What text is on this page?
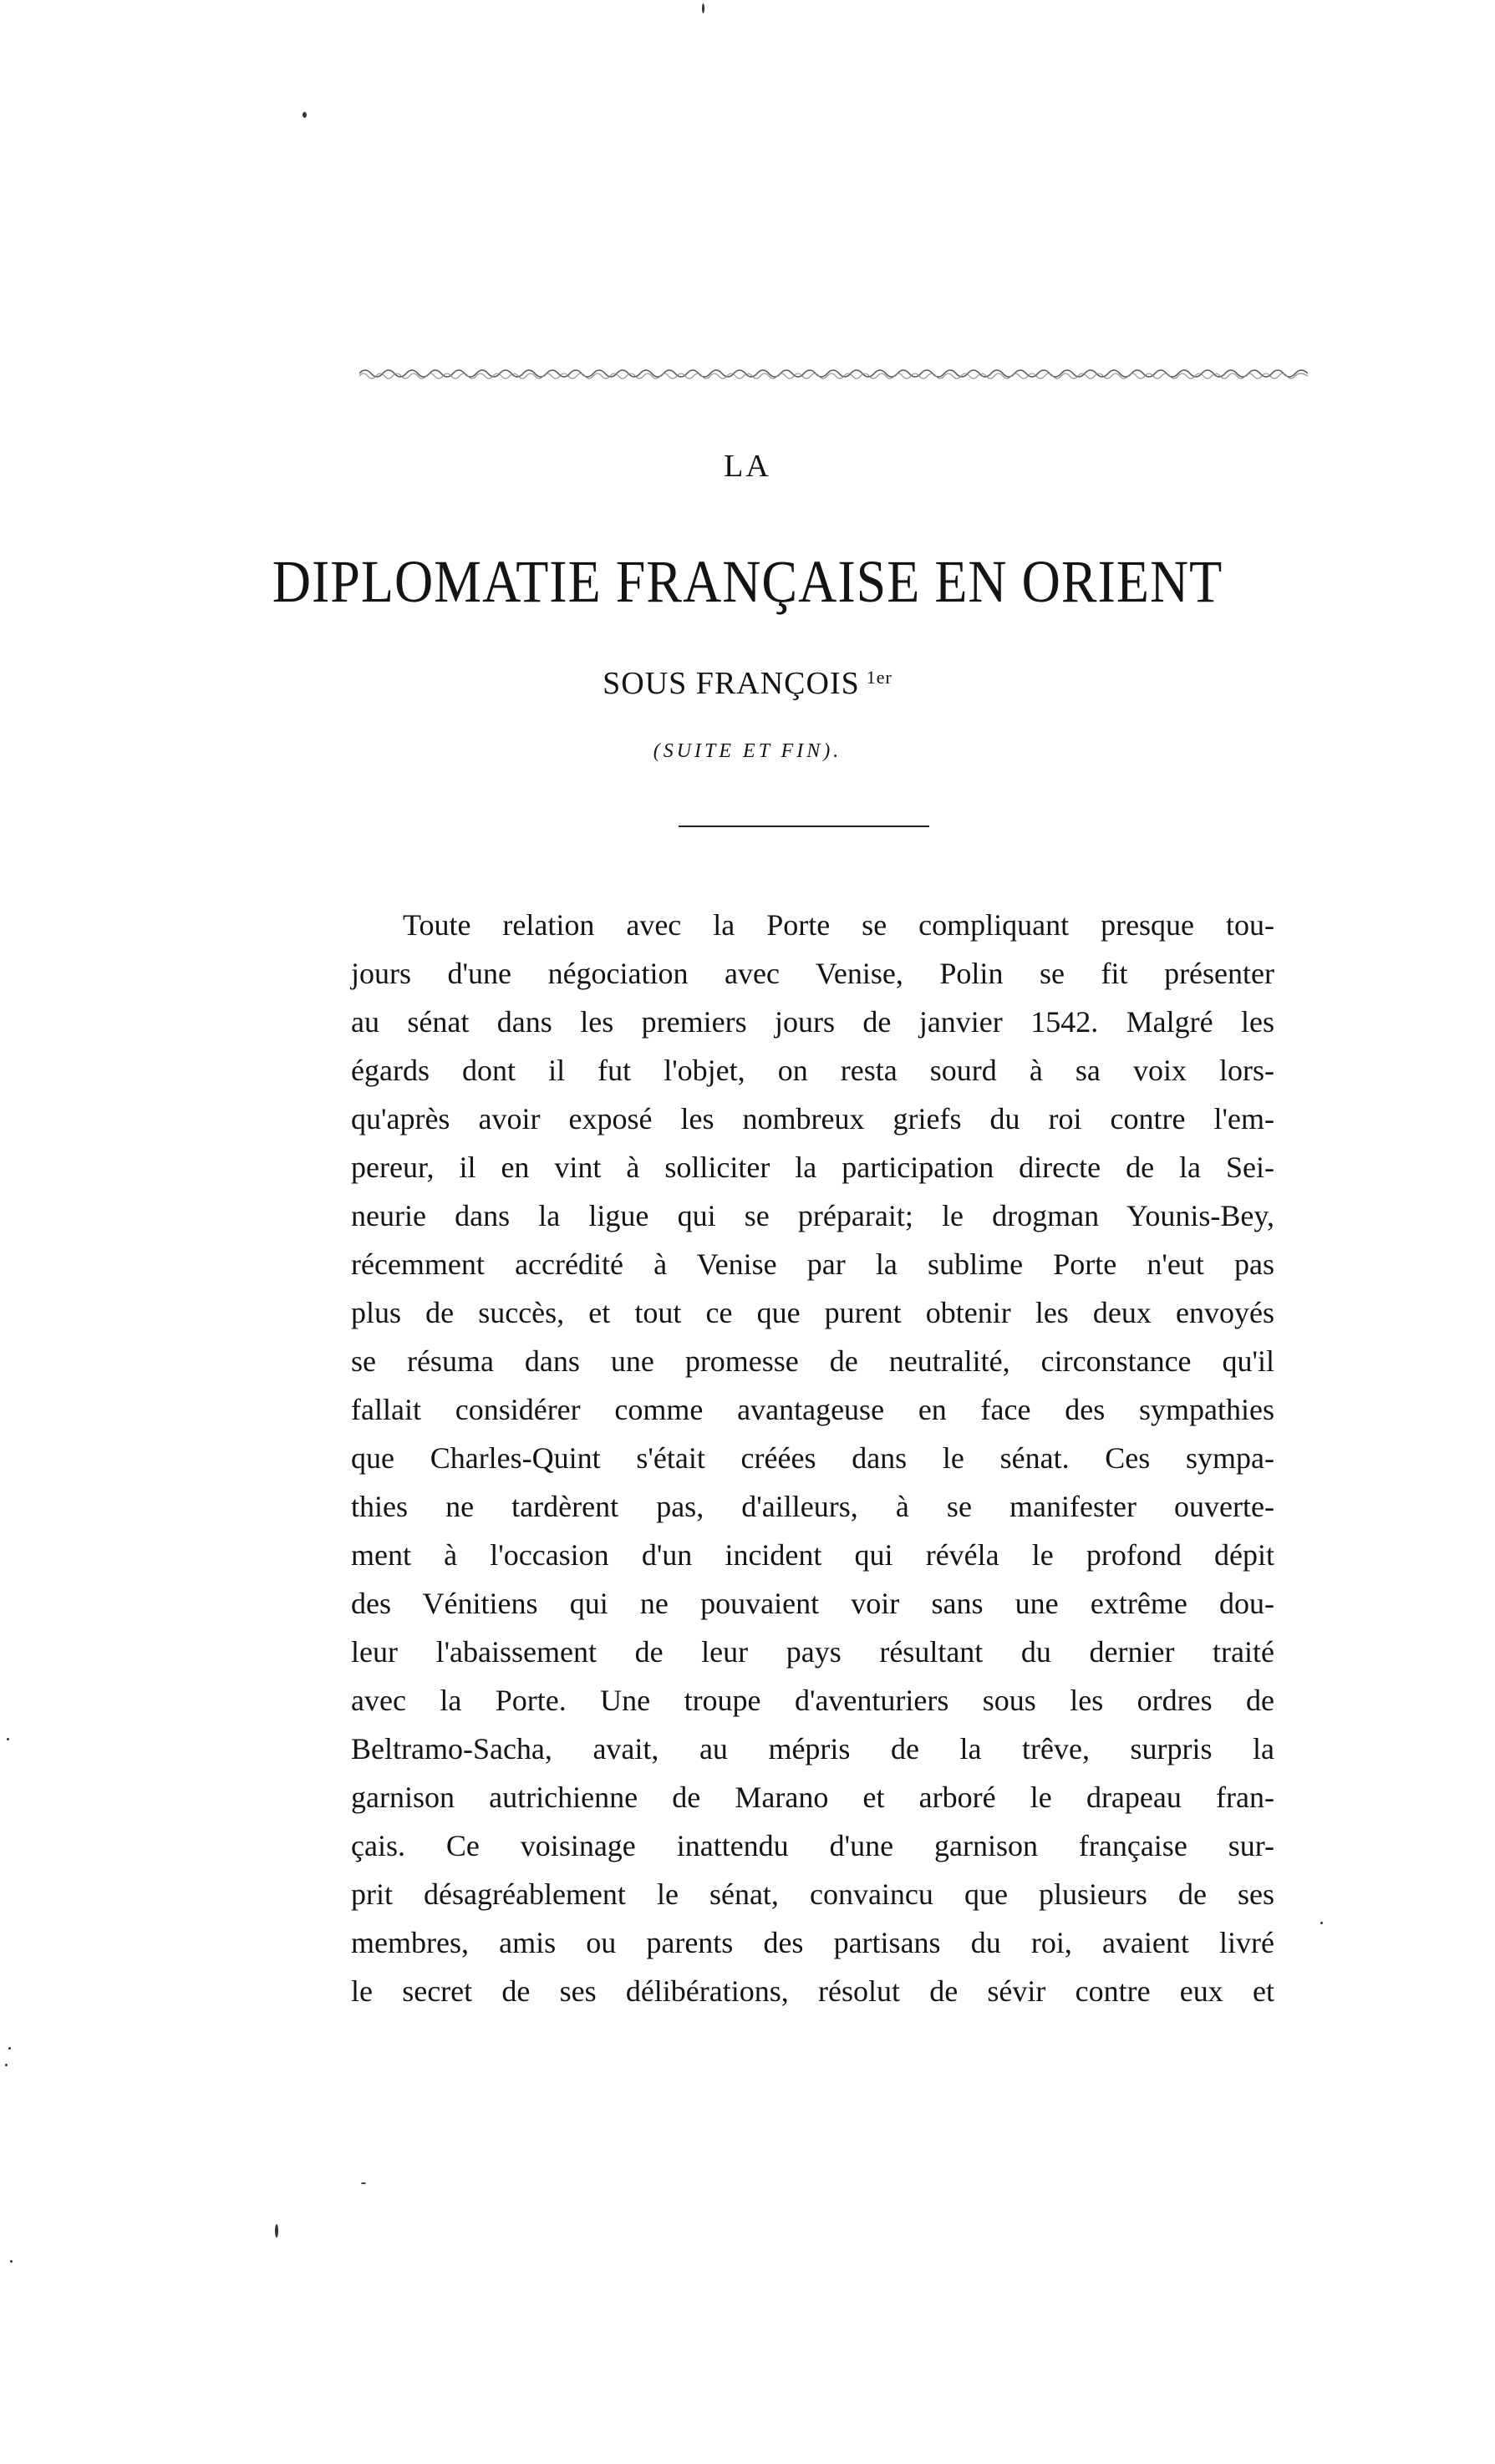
LA
DIPLOMATIE FRANÇAISE EN ORIENT
SOUS FRANÇOIS $^{1er}$
(SUITE ET FIN).
Toute relation avec la Porte se compliquant presque tou-
jours d'une négociation avec Venise, Polin se fit présenter
au sénat dans les premiers jours de janvier 1542. Malgré les
égards dont il fut l'objet, on resta sourd à sa voix lors-
qu'après avoir exposé les nombreux griefs du roi contre l'em-
pereur, il en vint à solliciter la participation directe de la Sei-
neurie dans la ligue qui se préparait; le drogman Younis-Bey,
récemment accrédité à Venise par la sublime Porte n'eut pas
plus de succès, et tout ce que purent obtenir les deux envoyés
se résuma dans une promesse de neutralité, circonstance qu'il
fallait considérer comme avantageuse en face des sympathies
que Charles-Quint s'était créées dans le sénat. Ces sympa-
thies ne tardèrent pas, d'ailleurs, à se manifester ouverte-
ment à l'occasion d'un incident qui révéla le profond dépit
des Vénitiens qui ne pouvaient voir sans une extrême dou-
leur l'abaissement de leur pays résultant du dernier traité
avec la Porte. Une troupe d'aventuriers sous les ordres de
Beltramo-Sacha, avait, au mépris de la trêve, surpris la
garnison autrichienne de Marano et arboré le drapeau fran-
çais. Ce voisinage inattendu d'une garnison française sur-
prit désagréablement le sénat, convaincu que plusieurs de ses
membres, amis ou parents des partisans du roi, avaient livré
le secret de ses délibérations, résolut de sévir contre eux et
